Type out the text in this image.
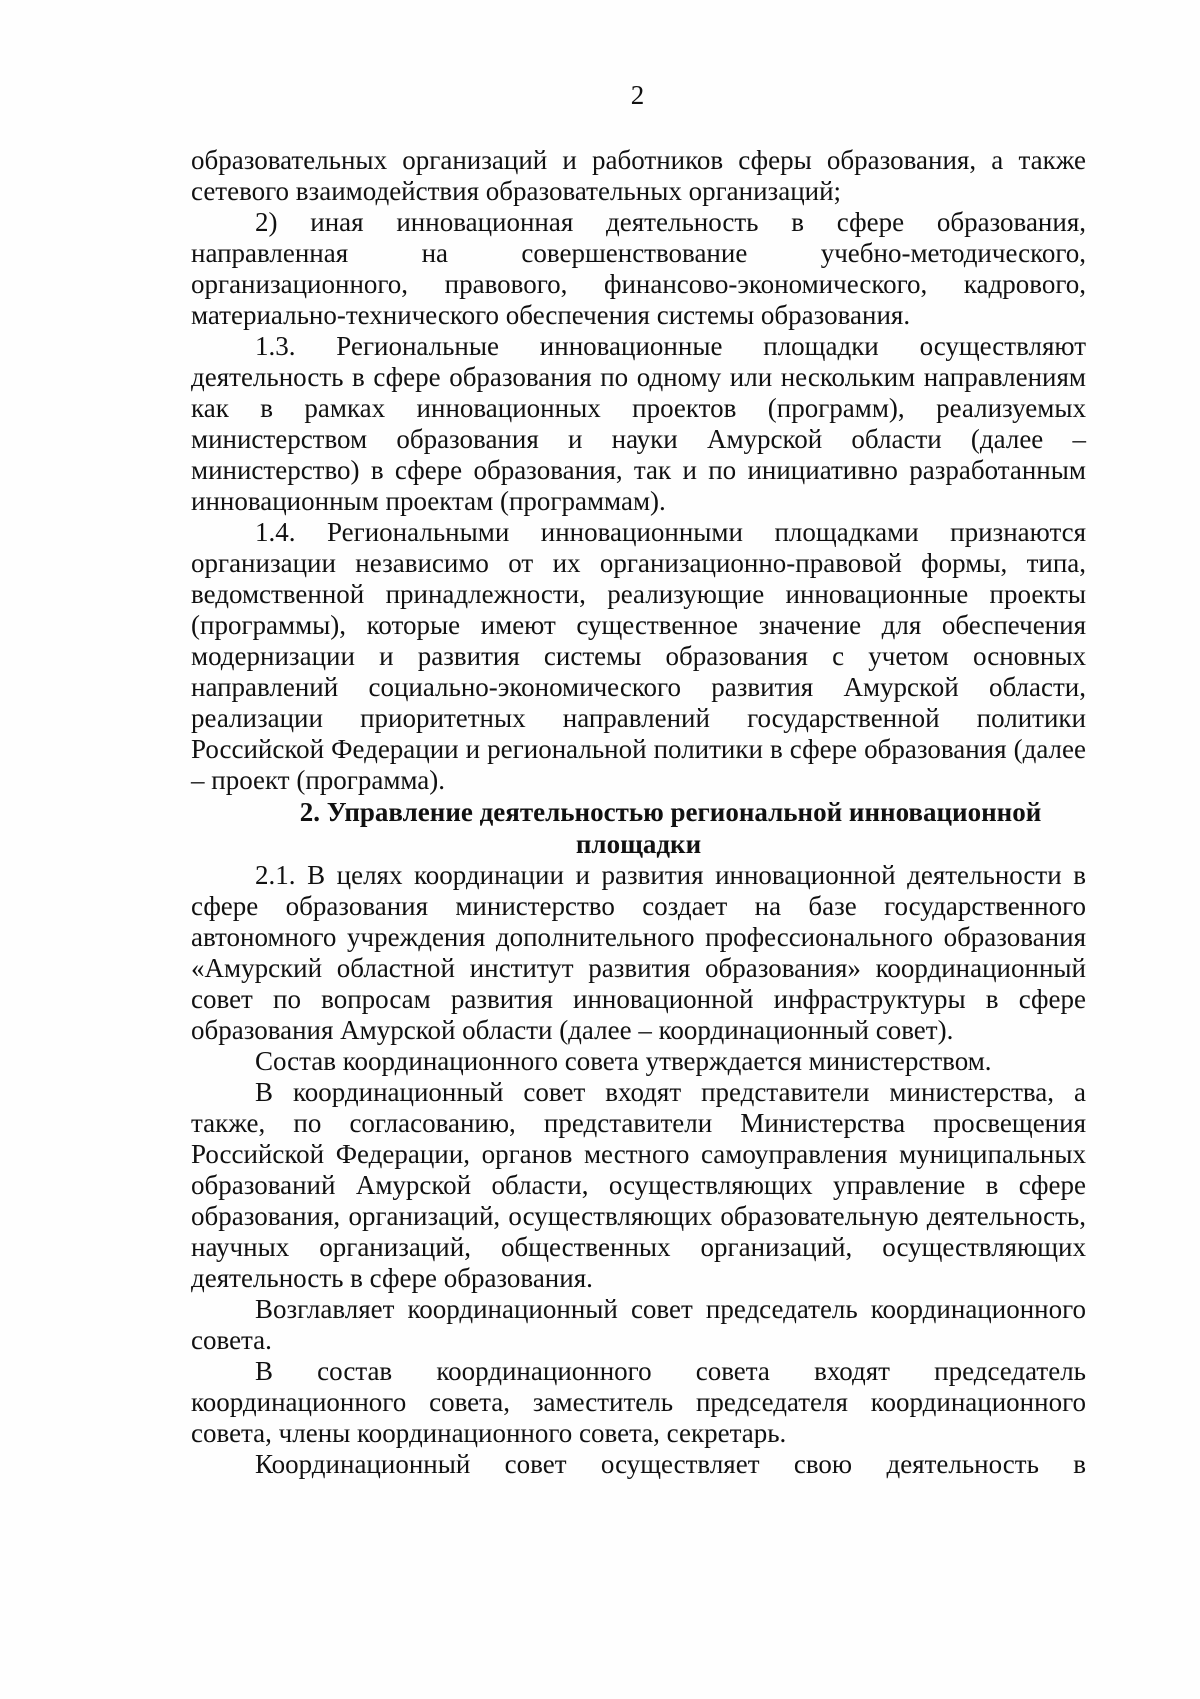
2

образовательных организаций и работников сферы образования, а также сетевого взаимодействия образовательных организаций;

2) иная инновационная деятельность в сфере образования, направленная на совершенствование учебно-методического, организационного, правового, финансово-экономического, кадрового, материально-технического обеспечения системы образования.

1.3. Региональные инновационные площадки осуществляют деятельность в сфере образования по одному или нескольким направлениям как в рамках инновационных проектов (программ), реализуемых министерством образования и науки Амурской области (далее – министерство) в сфере образования, так и по инициативно разработанным инновационным проектам (программам).

1.4. Региональными инновационными площадками признаются организации независимо от их организационно-правовой формы, типа, ведомственной принадлежности, реализующие инновационные проекты (программы), которые имеют существенное значение для обеспечения модернизации и развития системы образования с учетом основных направлений социально-экономического развития Амурской области, реализации приоритетных направлений государственной политики Российской Федерации и региональной политики в сфере образования (далее – проект (программа).

2. Управление деятельностью региональной инновационной площадки

2.1. В целях координации и развития инновационной деятельности в сфере образования министерство создает на базе государственного автономного учреждения дополнительного профессионального образования «Амурский областной институт развития образования» координационный совет по вопросам развития инновационной инфраструктуры в сфере образования Амурской области (далее – координационный совет).

Состав координационного совета утверждается министерством.

В координационный совет входят представители министерства, а также, по согласованию, представители Министерства просвещения Российской Федерации, органов местного самоуправления муниципальных образований Амурской области, осуществляющих управление в сфере образования, организаций, осуществляющих образовательную деятельность, научных организаций, общественных организаций, осуществляющих деятельность в сфере образования.

Возглавляет координационный совет председатель координационного совета.

В состав координационного совета входят председатель координационного совета, заместитель председателя координационного совета, члены координационного совета, секретарь.

Координационный совет осуществляет свою деятельность в
